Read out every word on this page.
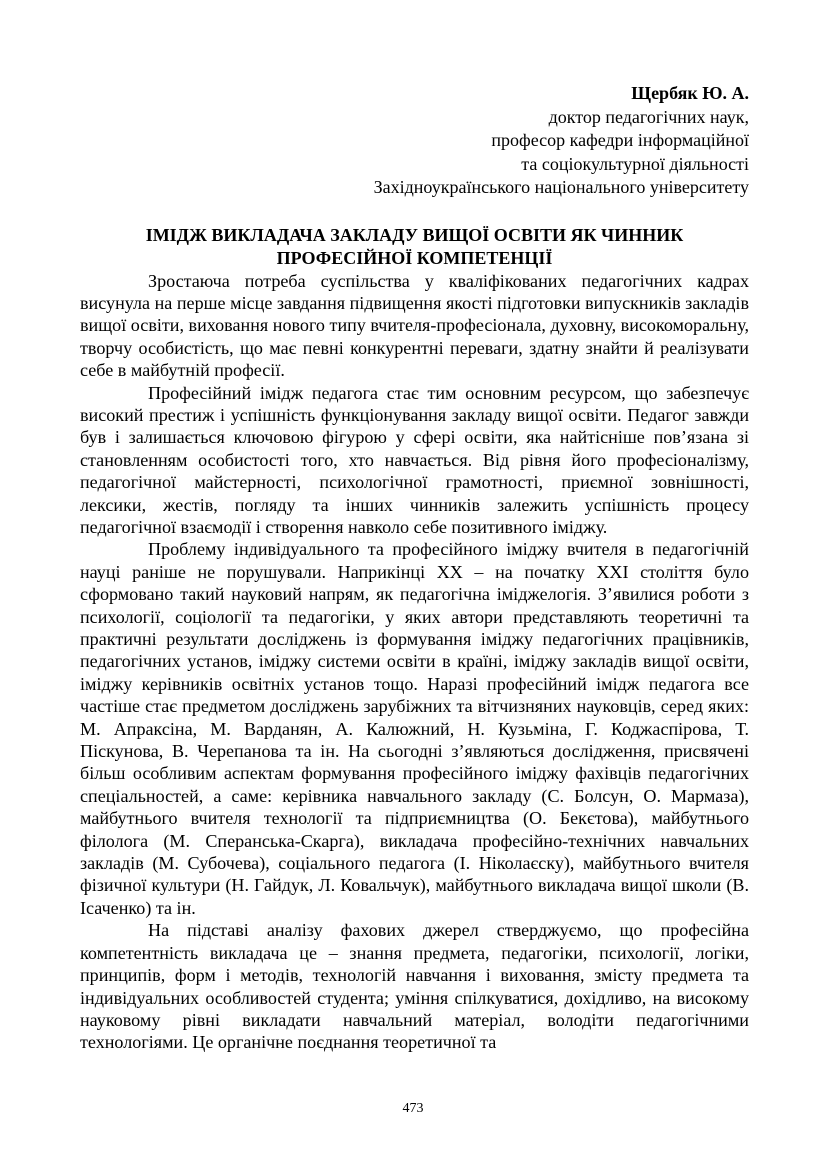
Щербяк Ю. А.
доктор педагогічних наук,
професор кафедри інформаційної
та соціокультурної діяльності
Західноукраїнського національного університету
ІМІДЖ ВИКЛАДАЧА ЗАКЛАДУ ВИЩОЇ ОСВІТИ ЯК ЧИННИК
ПРОФЕСІЙНОЇ КОМПЕТЕНЦІЇ

Зростаюча потреба суспільства у кваліфікованих педагогічних кадрах висунула на перше місце завдання підвищення якості підготовки випускників закладів вищої освіти, виховання нового типу вчителя-професіонала, духовну, високоморальну, творчу особистість, що має певні конкурентні переваги, здатну знайти й реалізувати себе в майбутній професії.

Професійний імідж педагога стає тим основним ресурсом, що забезпечує високий престиж і успішність функціонування закладу вищої освіти. Педагог завжди був і залишається ключовою фігурою у сфері освіти, яка найтісніше пов’язана зі становленням особистості того, хто навчається. Від рівня його професіоналізму, педагогічної майстерності, психологічної грамотності, приємної зовнішності, лексики, жестів, погляду та інших чинників залежить успішність процесу педагогічної взаємодії і створення навколо себе позитивного іміджу.

Проблему індивідуального та професійного іміджу вчителя в педагогічній науці раніше не порушували. Наприкінці ХХ – на початку ХХІ століття було сформовано такий науковий напрям, як педагогічна іміджелогія. З’явилися роботи з психології, соціології та педагогіки, у яких автори представляють теоретичні та практичні результати досліджень із формування іміджу педагогічних працівників, педагогічних установ, іміджу системи освіти в країні, іміджу закладів вищої освіти, іміджу керівників освітніх установ тощо. Наразі професійний імідж педагога все частіше стає предметом досліджень зарубіжних та вітчизняних науковців, серед яких: М. Апраксіна, М. Варданян, А. Калюжний, Н. Кузьміна, Г. Коджаспірова, Т. Піскунова, В. Черепанова та ін. На сьогодні з’являються дослідження, присвячені більш особливим аспектам формування професійного іміджу фахівців педагогічних спеціальностей, а саме: керівника навчального закладу (С. Болсун, О. Мармаза), майбутнього вчителя технології та підприємництва (О. Бекєтова), майбутнього філолога (М. Сперанська-Скарга), викладача професійно-технічних навчальних закладів (М. Субочева), соціального педагога (І. Ніколаєску), майбутнього вчителя фізичної культури (Н. Гайдук, Л. Ковальчук), майбутнього викладача вищої школи (В. Ісаченко) та ін.

На підставі аналізу фахових джерел стверджуємо, що професійна компетентність викладача це – знання предмета, педагогіки, психології, логіки, принципів, форм і методів, технологій навчання і виховання, змісту предмета та індивідуальних особливостей студента; уміння спілкуватися, дохідливо, на високому науковому рівні викладати навчальний матеріал, володіти педагогічними технологіями. Це органічне поєднання теоретичної та

473
